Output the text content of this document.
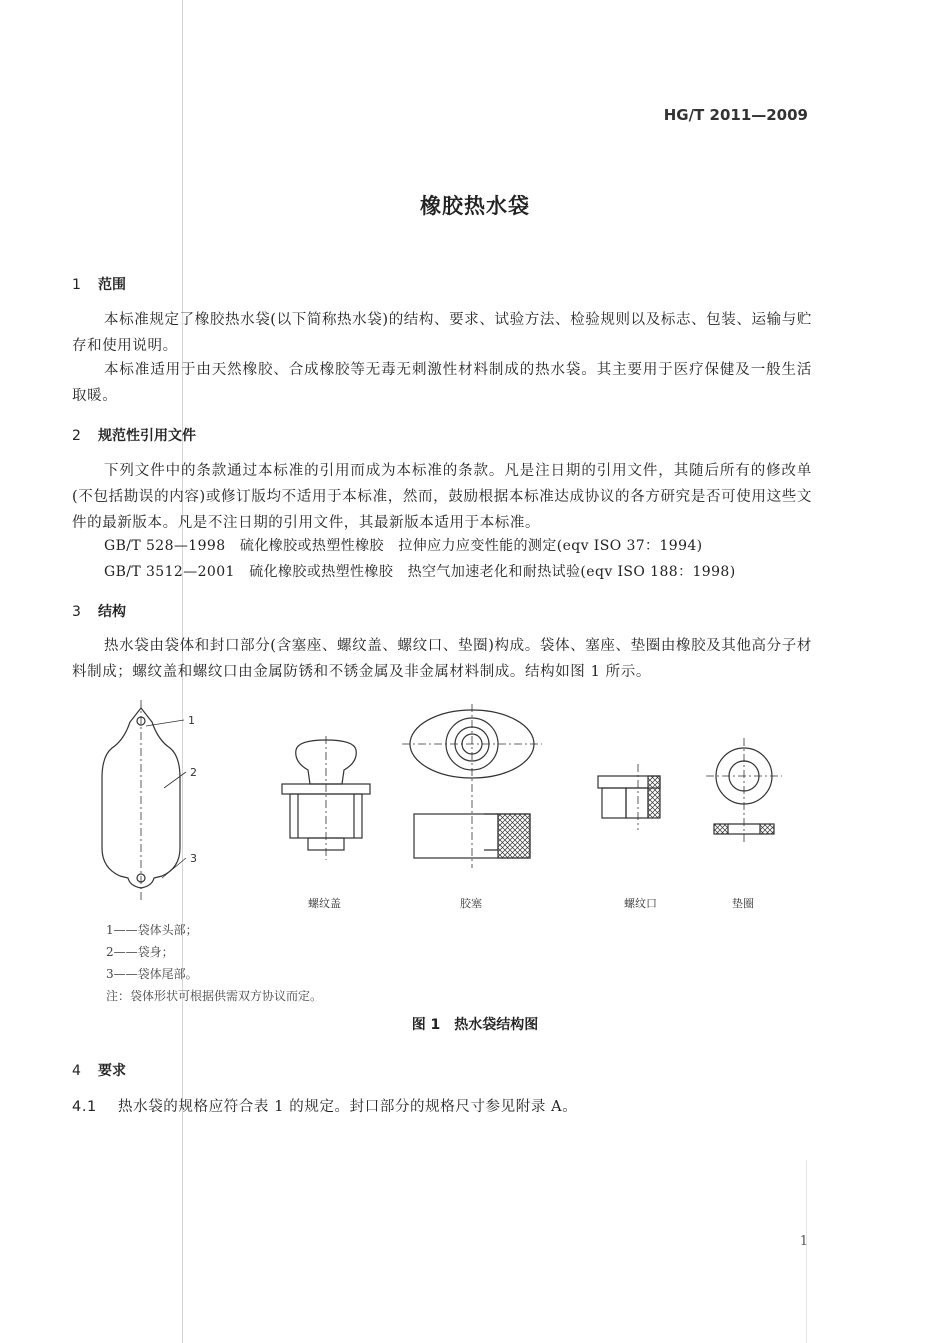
HG/T 2011—2009
橡胶热水袋
1 范围
本标准规定了橡胶热水袋(以下简称热水袋)的结构、要求、试验方法、检验规则以及标志、包装、运输与贮存和使用说明。
本标准适用于由天然橡胶、合成橡胶等无毒无刺激性材料制成的热水袋。其主要用于医疗保健及一般生活取暖。
2 规范性引用文件
下列文件中的条款通过本标准的引用而成为本标准的条款。凡是注日期的引用文件，其随后所有的修改单(不包括勘误的内容)或修订版均不适用于本标准，然而，鼓励根据本标准达成协议的各方研究是否可使用这些文件的最新版本。凡是不注日期的引用文件，其最新版本适用于本标准。
GB/T 528—1998　硫化橡胶或热塑性橡胶　拉伸应力应变性能的测定(eqv ISO 37：1994)
GB/T 3512—2001　硫化橡胶或热塑性橡胶　热空气加速老化和耐热试验(eqv ISO 188：1998)
3 结构
热水袋由袋体和封口部分(含塞座、螺纹盖、螺纹口、垫圈)构成。袋体、塞座、垫圈由橡胶及其他高分子材料制成；螺纹盖和螺纹口由金属防锈和不锈金属及非金属材料制成。结构如图 1 所示。
1
2
3
螺纹盖	胶塞	螺纹口	垫圈
1——袋体头部；
2——袋身；
3——袋体尾部。
注：袋体形状可根据供需双方协议而定。
图 1　热水袋结构图
4 要求
4.1 热水袋的规格应符合表 1 的规定。封口部分的规格尺寸参见附录 A。
1
